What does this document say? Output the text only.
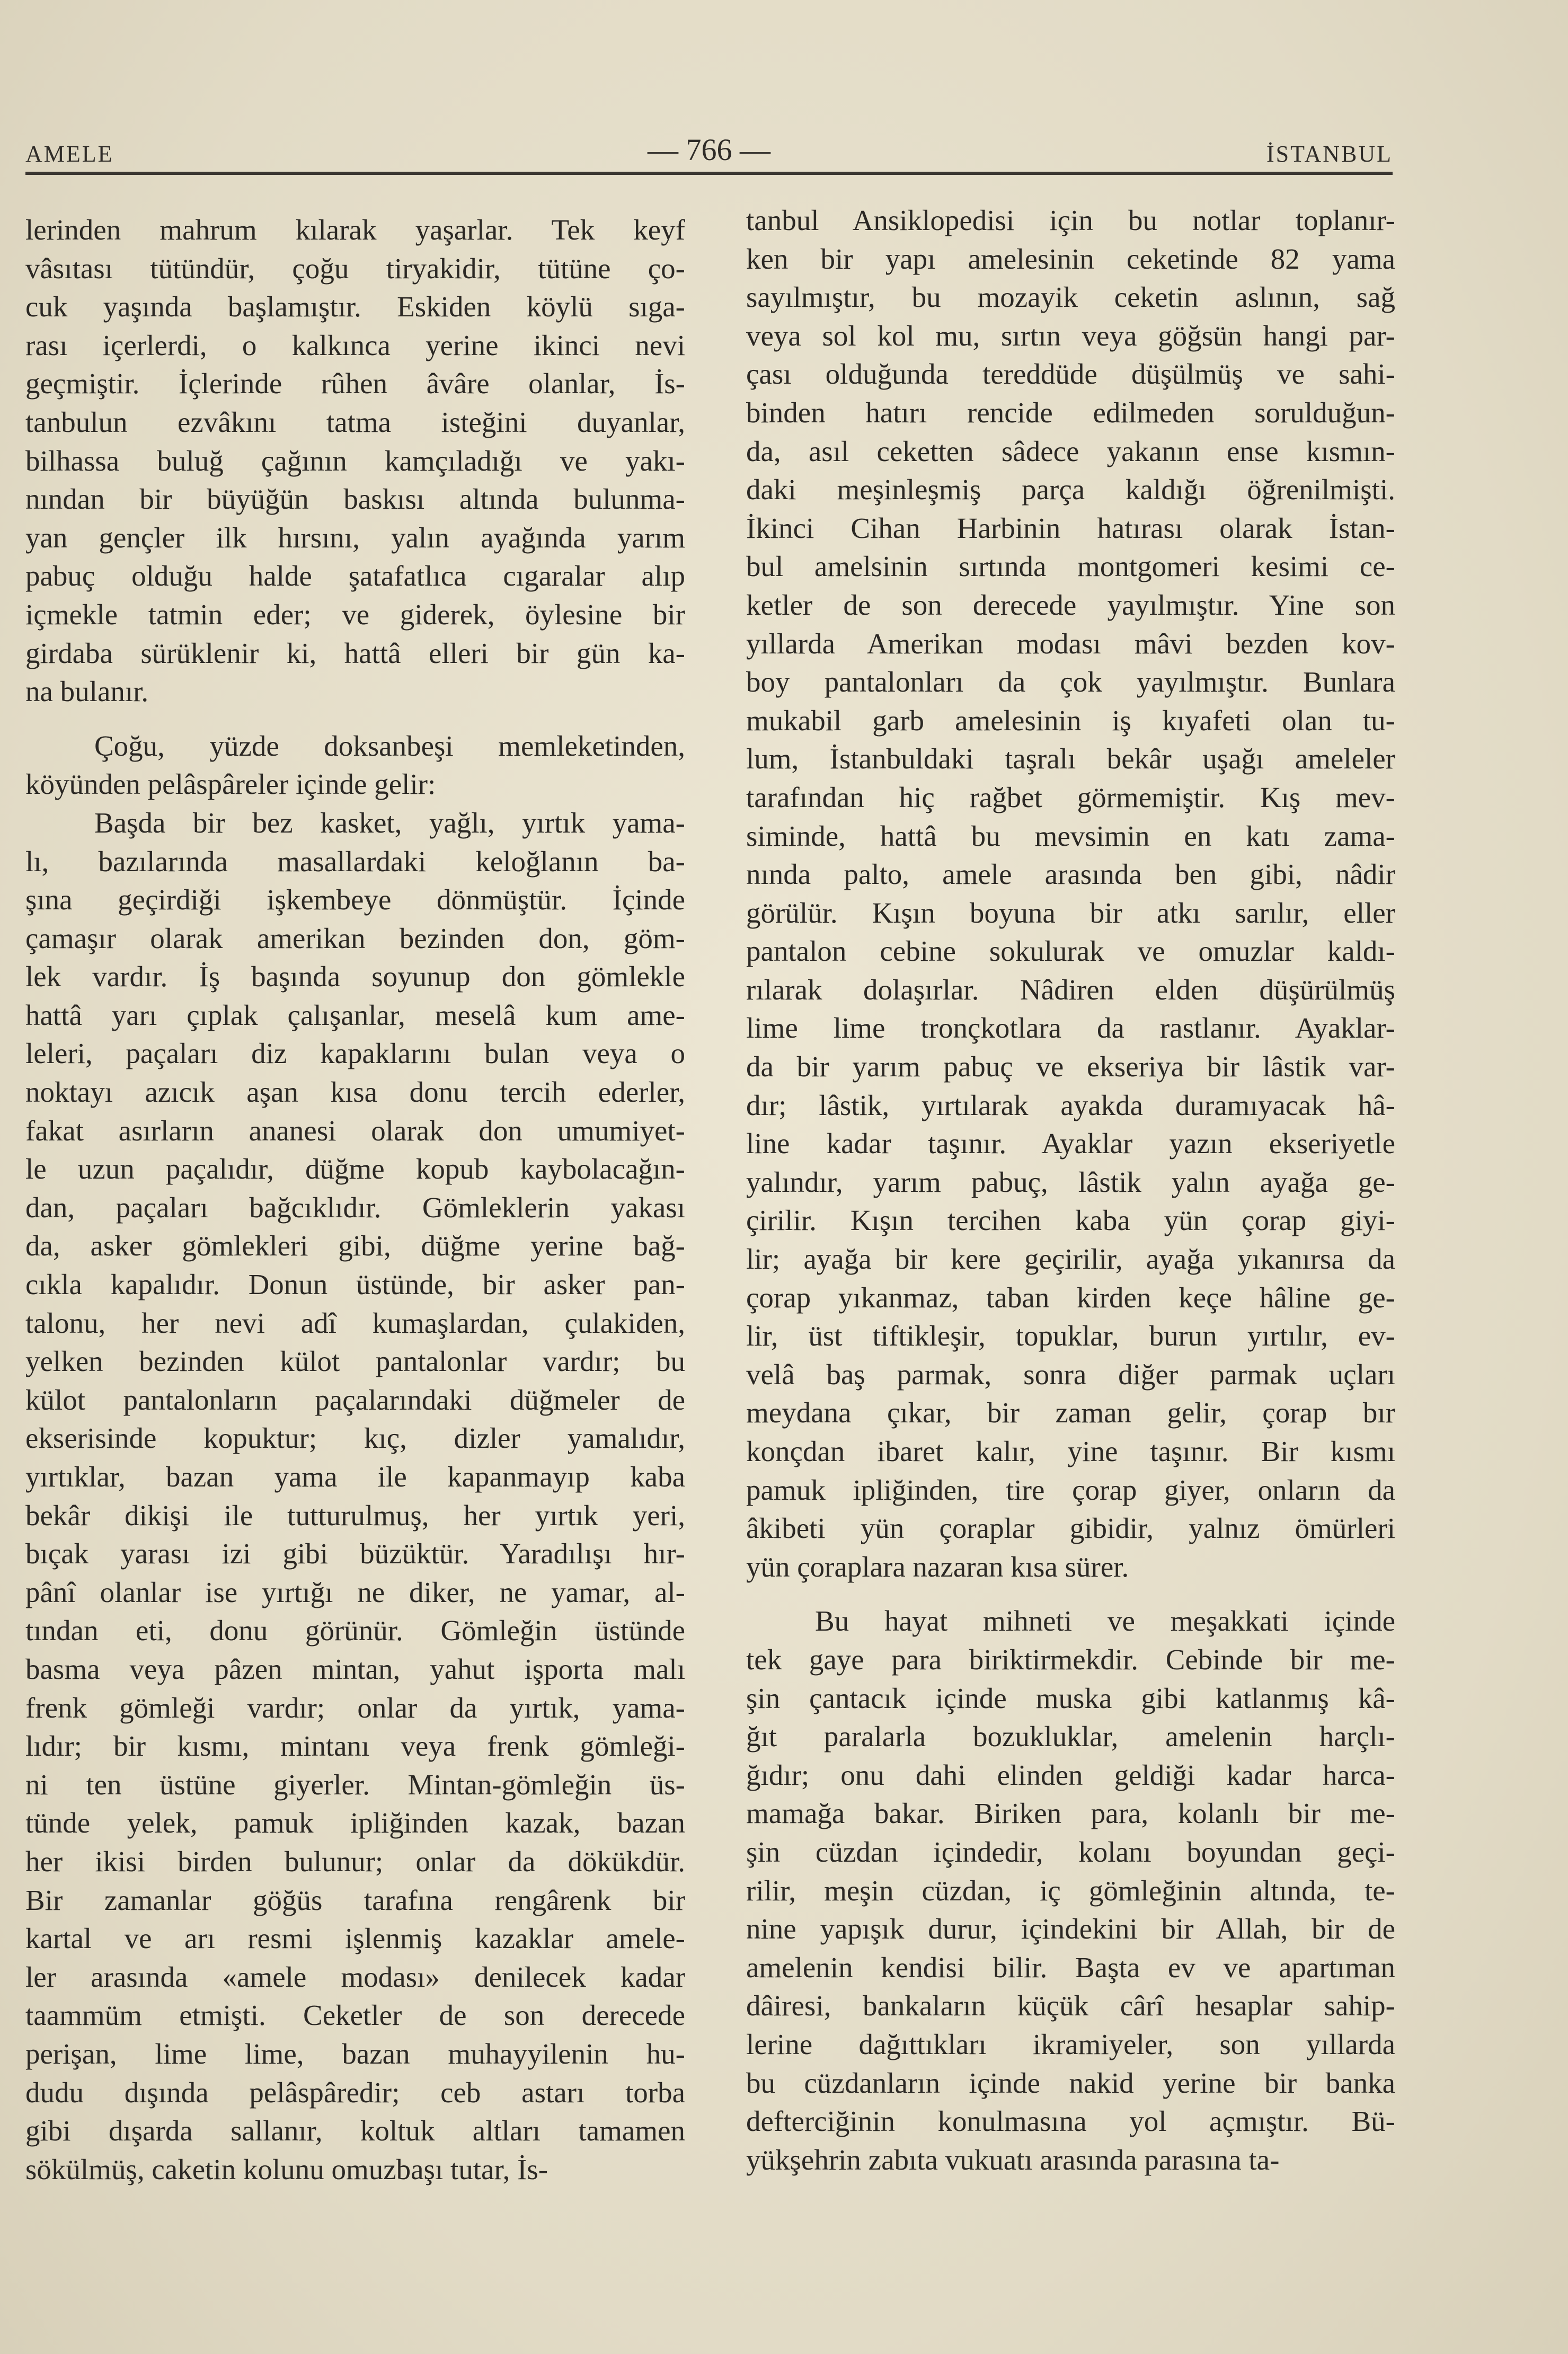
AMELE	— 766 —	İSTANBUL
lerinden mahrum kılarak yaşarlar. Tek keyf
vâsıtası tütündür, çoğu tiryakidir, tütüne ço-
cuk yaşında başlamıştır. Eskiden köylü sıga-
rası içerlerdi, o kalkınca yerine ikinci nevi
geçmiştir. İçlerinde rûhen âvâre olanlar, İs-
tanbulun ezvâkını tatma isteğini duyanlar,
bilhassa buluğ çağının kamçıladığı ve yakı-
nından bir büyüğün baskısı altında bulunma-
yan gençler ilk hırsını, yalın ayağında yarım
pabuç olduğu halde şatafatlıca cıgaralar alıp
içmekle tatmin eder; ve giderek, öylesine bir
girdaba sürüklenir ki, hattâ elleri bir gün ka-
na bulanır.
Çoğu, yüzde doksanbeşi memleketinden,
köyünden pelâspâreler içinde gelir:
Başda bir bez kasket, yağlı, yırtık yama-
lı, bazılarında masallardaki keloğlanın ba-
şına geçirdiği işkembeye dönmüştür. İçinde
çamaşır olarak amerikan bezinden don, göm-
lek vardır. İş başında soyunup don gömlekle
hattâ yarı çıplak çalışanlar, meselâ kum ame-
leleri, paçaları diz kapaklarını bulan veya o
noktayı azıcık aşan kısa donu tercih ederler,
fakat asırların ananesi olarak don umumiyet-
le uzun paçalıdır, düğme kopub kaybolacağın-
dan, paçaları bağcıklıdır. Gömleklerin yakası
da, asker gömlekleri gibi, düğme yerine bağ-
cıkla kapalıdır. Donun üstünde, bir asker pan-
talonu, her nevi adî kumaşlardan, çulakiden,
yelken bezinden külot pantalonlar vardır; bu
külot pantalonların paçalarındaki düğmeler de
ekserisinde kopuktur; kıç, dizler yamalıdır,
yırtıklar, bazan yama ile kapanmayıp kaba
bekâr dikişi ile tutturulmuş, her yırtık yeri,
bıçak yarası izi gibi büzüktür. Yaradılışı hır-
pânî olanlar ise yırtığı ne diker, ne yamar, al-
tından eti, donu görünür. Gömleğin üstünde
basma veya pâzen mintan, yahut işporta malı
frenk gömleği vardır; onlar da yırtık, yama-
lıdır; bir kısmı, mintanı veya frenk gömleği-
ni ten üstüne giyerler. Mintan-gömleğin üs-
tünde yelek, pamuk ipliğinden kazak, bazan
her ikisi birden bulunur; onlar da dökükdür.
Bir zamanlar göğüs tarafına rengârenk bir
kartal ve arı resmi işlenmiş kazaklar amele-
ler arasında «amele modası» denilecek kadar
taammüm etmişti. Ceketler de son derecede
perişan, lime lime, bazan muhayyilenin hu-
dudu dışında pelâspâredir; ceb astarı torba
gibi dışarda sallanır, koltuk altları tamamen
sökülmüş, caketin kolunu omuzbaşı tutar, İs-
tanbul Ansiklopedisi için bu notlar toplanır-
ken bir yapı amelesinin ceketinde 82 yama
sayılmıştır, bu mozayik ceketin aslının, sağ
veya sol kol mu, sırtın veya göğsün hangi par-
çası olduğunda tereddüde düşülmüş ve sahi-
binden hatırı rencide edilmeden sorulduğun-
da, asıl ceketten sâdece yakanın ense kısmın-
daki meşinleşmiş parça kaldığı öğrenilmişti.
İkinci Cihan Harbinin hatırası olarak İstan-
bul amelsinin sırtında montgomeri kesimi ce-
ketler de son derecede yayılmıştır. Yine son
yıllarda Amerikan modası mâvi bezden kov-
boy pantalonları da çok yayılmıştır. Bunlara
mukabil garb amelesinin iş kıyafeti olan tu-
lum, İstanbuldaki taşralı bekâr uşağı ameleler
tarafından hiç rağbet görmemiştir. Kış mev-
siminde, hattâ bu mevsimin en katı zama-
nında palto, amele arasında ben gibi, nâdir
görülür. Kışın boyuna bir atkı sarılır, eller
pantalon cebine sokulurak ve omuzlar kaldı-
rılarak dolaşırlar. Nâdiren elden düşürülmüş
lime lime tronçkotlara da rastlanır. Ayaklar-
da bir yarım pabuç ve ekseriya bir lâstik var-
dır; lâstik, yırtılarak ayakda duramıyacak hâ-
line kadar taşınır. Ayaklar yazın ekseriyetle
yalındır, yarım pabuç, lâstik yalın ayağa ge-
çirilir. Kışın tercihen kaba yün çorap giyi-
lir; ayağa bir kere geçirilir, ayağa yıkanırsa da
çorap yıkanmaz, taban kirden keçe hâline ge-
lir, üst tiftikleşir, topuklar, burun yırtılır, ev-
velâ baş parmak, sonra diğer parmak uçları
meydana çıkar, bir zaman gelir, çorap bır
konçdan ibaret kalır, yine taşınır. Bir kısmı
pamuk ipliğinden, tire çorap giyer, onların da
âkibeti yün çoraplar gibidir, yalnız ömürleri
yün çoraplara nazaran kısa sürer.
Bu hayat mihneti ve meşakkati içinde
tek gaye para biriktirmekdir. Cebinde bir me-
şin çantacık içinde muska gibi katlanmış kâ-
ğıt paralarla bozukluklar, amelenin harçlı-
ğıdır; onu dahi elinden geldiği kadar harca-
mamağa bakar. Biriken para, kolanlı bir me-
şin cüzdan içindedir, kolanı boyundan geçi-
rilir, meşin cüzdan, iç gömleğinin altında, te-
nine yapışık durur, içindekini bir Allah, bir de
amelenin kendisi bilir. Başta ev ve apartıman
dâiresi, bankaların küçük cârî hesaplar sahip-
lerine dağıttıkları ikramiyeler, son yıllarda
bu cüzdanların içinde nakid yerine bir banka
defterciğinin konulmasına yol açmıştır. Bü-
yükşehrin zabıta vukuatı arasında parasına ta-
